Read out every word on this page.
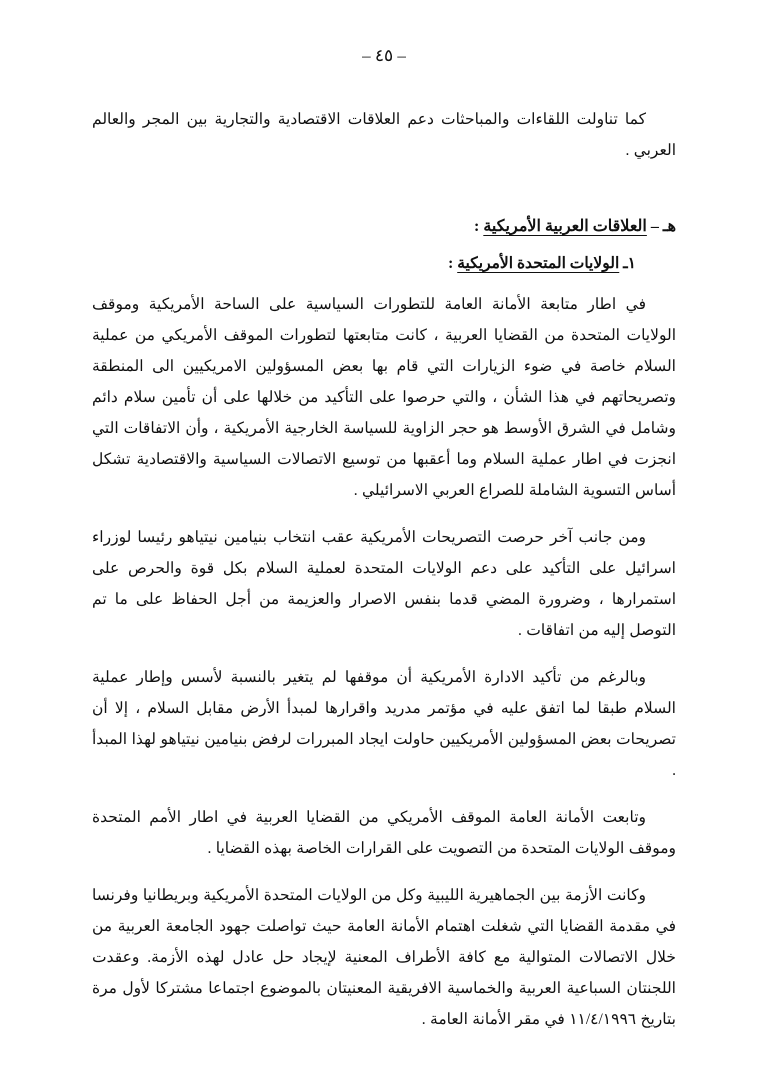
– ٤٥ –

كما تناولت اللقاءات والمباحثات دعم العلاقات الاقتصادية والتجارية بين المجر والعالم العربي .

هـ – العلاقات العربية الأمريكية :
١ـ الولايات المتحدة الأمريكية :

في اطار متابعة الأمانة العامة للتطورات السياسية على الساحة الأمريكية وموقف الولايات المتحدة من القضايا العربية ، كانت متابعتها لتطورات الموقف الأمريكي من عملية السلام خاصة في ضوء الزيارات التي قام بها بعض المسؤولين الامريكيين الى المنطقة وتصريحاتهم في هذا الشأن ، والتي حرصوا على التأكيد من خلالها على أن تأمين سلام دائم وشامل في الشرق الأوسط هو حجر الزاوية للسياسة الخارجية الأمريكية ، وأن الاتفاقات التي انجزت في اطار عملية السلام وما أعقبها من توسيع الاتصالات السياسية والاقتصادية تشكل أساس التسوية الشاملة للصراع العربي الاسرائيلي .

ومن جانب آخر حرصت التصريحات الأمريكية عقب انتخاب بنيامين نيتياهو رئيسا لوزراء اسرائيل على التأكيد على دعم الولايات المتحدة لعملية السلام بكل قوة والحرص على استمرارها ، وضرورة المضي قدما بنفس الاصرار والعزيمة من أجل الحفاظ على ما تم التوصل إليه من اتفاقات .

وبالرغم من تأكيد الادارة الأمريكية أن موقفها لم يتغير بالنسبة لأسس وإطار عملية السلام طبقا لما اتفق عليه في مؤتمر مدريد واقرارها لمبدأ الأرض مقابل السلام ، إلا أن تصريحات بعض المسؤولين الأمريكيين حاولت ايجاد المبررات لرفض بنيامين نيتياهو لهذا المبدأ .

وتابعت الأمانة العامة الموقف الأمريكي من القضايا العربية في اطار الأمم المتحدة وموقف الولايات المتحدة من التصويت على القرارات الخاصة بهذه القضايا .

وكانت الأزمة بين الجماهيرية الليبية وكل من الولايات المتحدة الأمريكية وبريطانيا وفرنسا في مقدمة القضايا التي شغلت اهتمام الأمانة العامة حيث تواصلت جهود الجامعة العربية من خلال الاتصالات المتوالية مع كافة الأطراف المعنية لإيجاد حل عادل لهذه الأزمة. وعقدت اللجنتان السباعية العربية والخماسية الافريقية المعنيتان بالموضوع اجتماعا مشتركا لأول مرة بتاريخ ١١/٤/١٩٩٦ في مقر الأمانة العامة .
